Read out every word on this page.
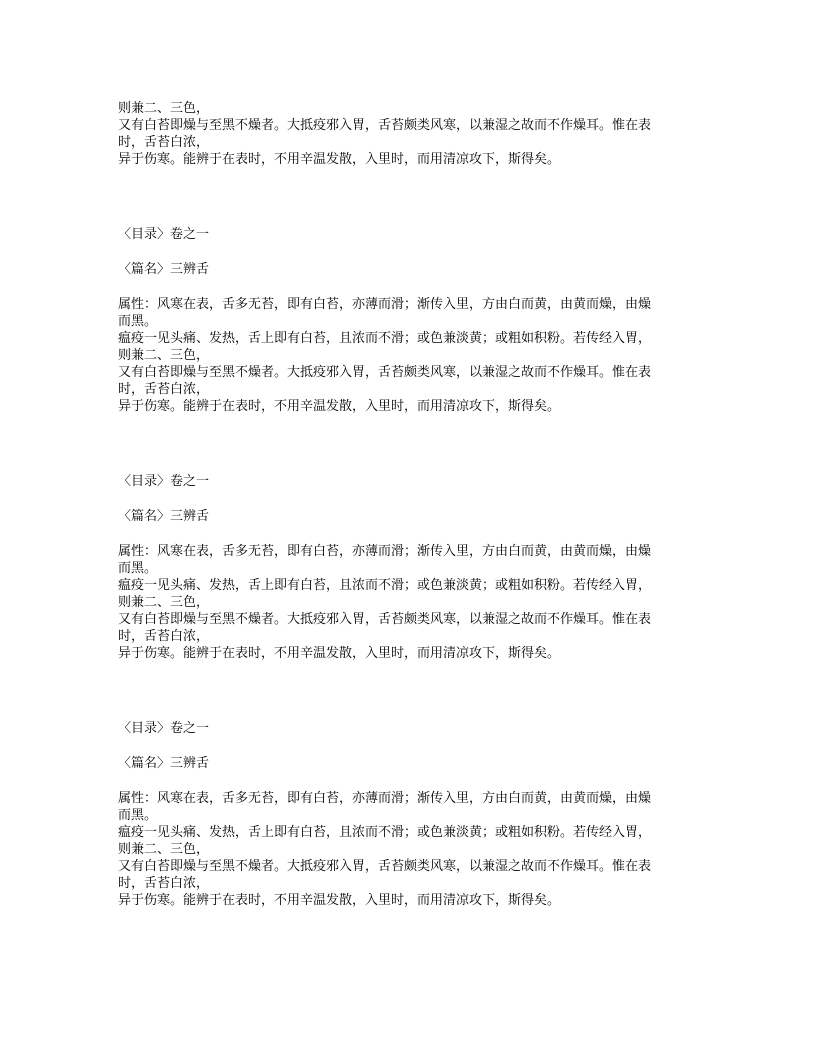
则兼二、三色，

又有白苔即燥与至黑不燥者。大抵疫邪入胃，舌苔颇类风寒，以兼湿之故而不作燥耳。惟在表

时，舌苔白浓，

异于伤寒。能辨于在表时，不用辛温发散，入里时，而用清凉攻下，斯得矣。

〈目录〉卷之一

〈篇名〉三辨舌

属性：风寒在表，舌多无苔，即有白苔，亦薄而滑；渐传入里，方由白而黄，由黄而燥，由燥

而黑。

瘟疫一见头痛、发热，舌上即有白苔，且浓而不滑；或色兼淡黄；或粗如积粉。若传经入胃，

则兼二、三色，

又有白苔即燥与至黑不燥者。大抵疫邪入胃，舌苔颇类风寒，以兼湿之故而不作燥耳。惟在表

时，舌苔白浓，

异于伤寒。能辨于在表时，不用辛温发散，入里时，而用清凉攻下，斯得矣。

〈目录〉卷之一

〈篇名〉三辨舌

属性：风寒在表，舌多无苔，即有白苔，亦薄而滑；渐传入里，方由白而黄，由黄而燥，由燥

而黑。

瘟疫一见头痛、发热，舌上即有白苔，且浓而不滑；或色兼淡黄；或粗如积粉。若传经入胃，

则兼二、三色，

又有白苔即燥与至黑不燥者。大抵疫邪入胃，舌苔颇类风寒，以兼湿之故而不作燥耳。惟在表

时，舌苔白浓，

异于伤寒。能辨于在表时，不用辛温发散，入里时，而用清凉攻下，斯得矣。

〈目录〉卷之一

〈篇名〉三辨舌

属性：风寒在表，舌多无苔，即有白苔，亦薄而滑；渐传入里，方由白而黄，由黄而燥，由燥

而黑。

瘟疫一见头痛、发热，舌上即有白苔，且浓而不滑；或色兼淡黄；或粗如积粉。若传经入胃，

则兼二、三色，

又有白苔即燥与至黑不燥者。大抵疫邪入胃，舌苔颇类风寒，以兼湿之故而不作燥耳。惟在表

时，舌苔白浓，

异于伤寒。能辨于在表时，不用辛温发散，入里时，而用清凉攻下，斯得矣。
